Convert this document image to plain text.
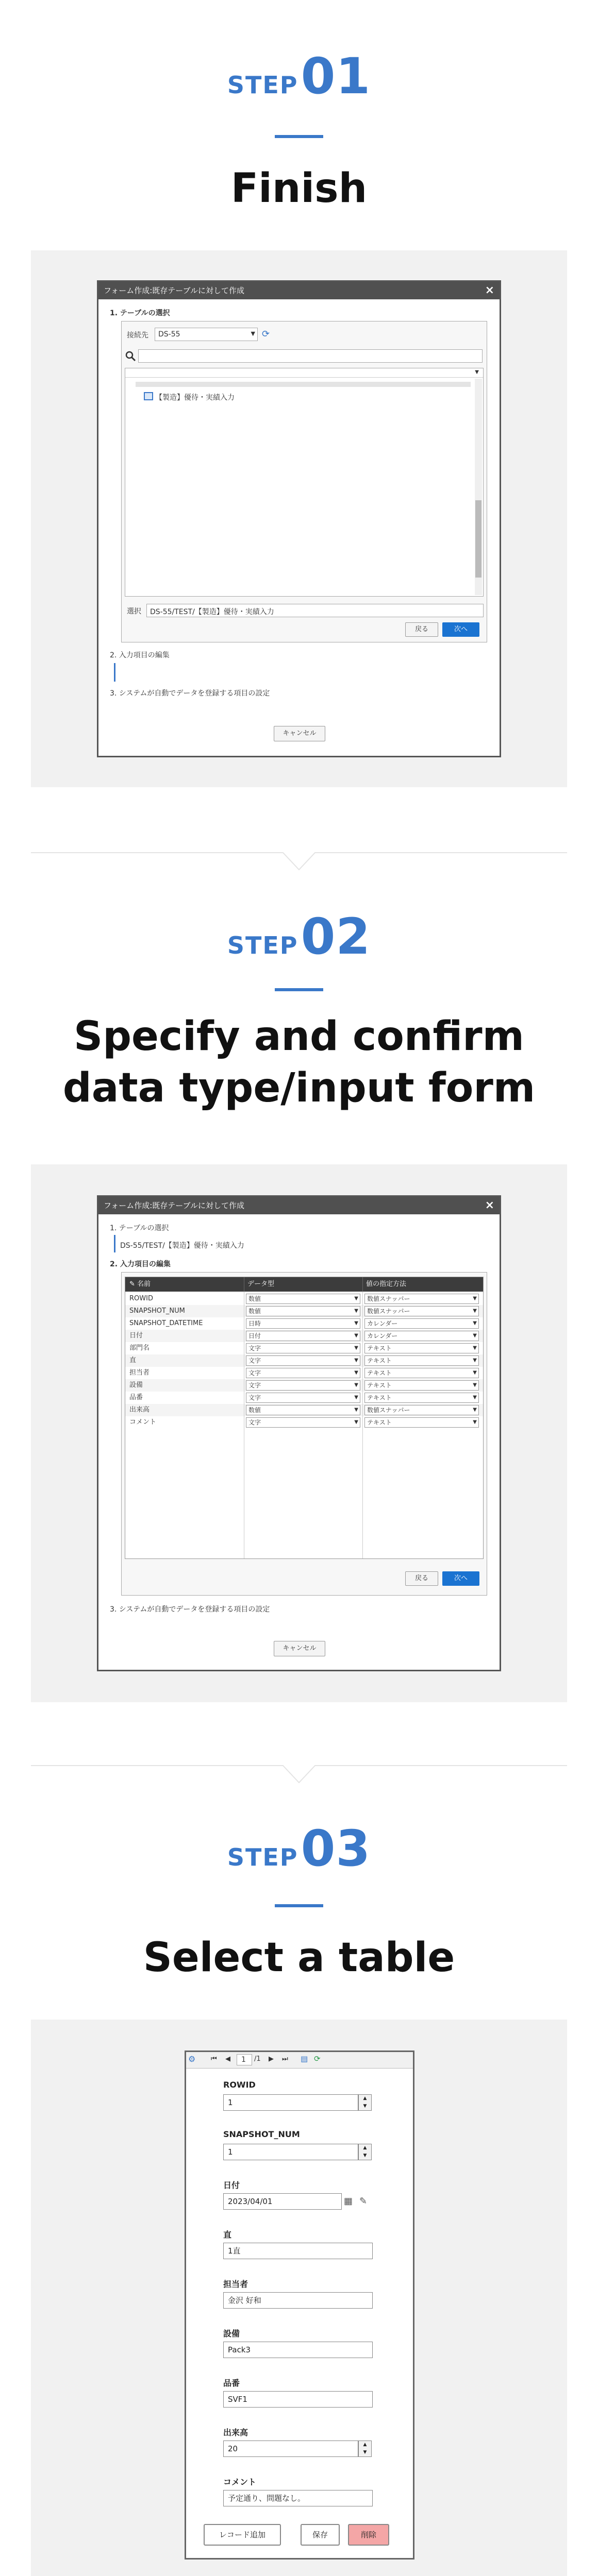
STEP 01
Finish
フォーム作成:既存テーブルに対して作成	×
1. テーブルの選択
接続先 DS-55	▼ ⟳
▼
【製造】優待・実績入力
選択 DS-55/TEST/【製造】優待・実績入力
戻る	次へ
2. 入力項目の編集
3. システムが自動でデータを登録する項目の設定
キャンセル
STEP 02
Specify and confirm
data type/input form
フォーム作成:既存テーブルに対して作成	×
1. テーブルの選択
DS-55/TEST/【製造】優待・実績入力
2. 入力項目の編集
✎ 名前	データ型	値の指定方法
ROWID	数値	▼	数値スナッパー	▼
SNAPSHOT_NUM	数値	▼	数値スナッパー	▼
SNAPSHOT_DATETIME	日時	▼	カレンダー	▼
日付	日付	▼	カレンダー	▼
部門名	文字	▼	テキスト	▼
直	文字	▼	テキスト	▼
担当者	文字	▼	テキスト	▼
設備	文字	▼	テキスト	▼
品番	文字	▼	テキスト	▼
出来高	数値	▼	数値スナッパー	▼
コメント	文字	▼	テキスト	▼
戻る	次へ
3. システムが自動でデータを登録する項目の設定
キャンセル
STEP 03
Select a table
⚙ ⏮ ◀ 1 /1 ▶ ⏭ ▤ ⟳
ROWID
1	▲
▼
SNAPSHOT_NUM
1	▲
▼
日付
2023/04/01	▦ ✎
直
1直
担当者
金沢 好和
設備
Pack3
品番
SVF1
出来高
20	▲
▼
コメント
予定通り、問題なし。
レコード追加	保存	削除
